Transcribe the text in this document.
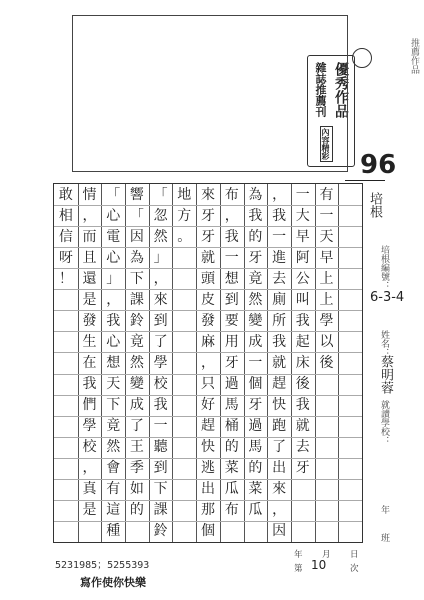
推薦作品
優秀作品
雜誌推薦刊
內容精彩
96
培根
有
一
天
早
上
上
學
以
後
一
大
早
阿
公
叫
我
起
床
後
我
就
去
牙
，
我
一
進
去
廁
所
我
就
趕
快
跑
了
出
來
，
因
為
我
的
牙
竟
然
變
成
一
個
牙
過
馬
的
菜
瓜
布
，
我
一
想
到
要
用
牙
過
馬
桶
的
菜
瓜
布
來
牙
牙
就
頭
皮
發
麻
，
只
好
趕
快
逃
出
那
個
地
方
。
「
忽
然
」
，
來
到
了
學
校
我
一
聽
到
下
課
鈴
響
「
因
為
下
課
鈴
竟
然
變
成
了
王
季
如
的
「
心
電
心
」
，
我
心
想
天
下
竟
然
會
有
這
種
情
，
而
且
還
是
發
生
在
我
們
學
校
，
真
是
敢
相
信
呀
！	培根編號：
6-3-4
姓名：
蔡明蓉
就讀學校：
年
班
年 月 日
第 10	次
5231985；5255393
寫作使你快樂
